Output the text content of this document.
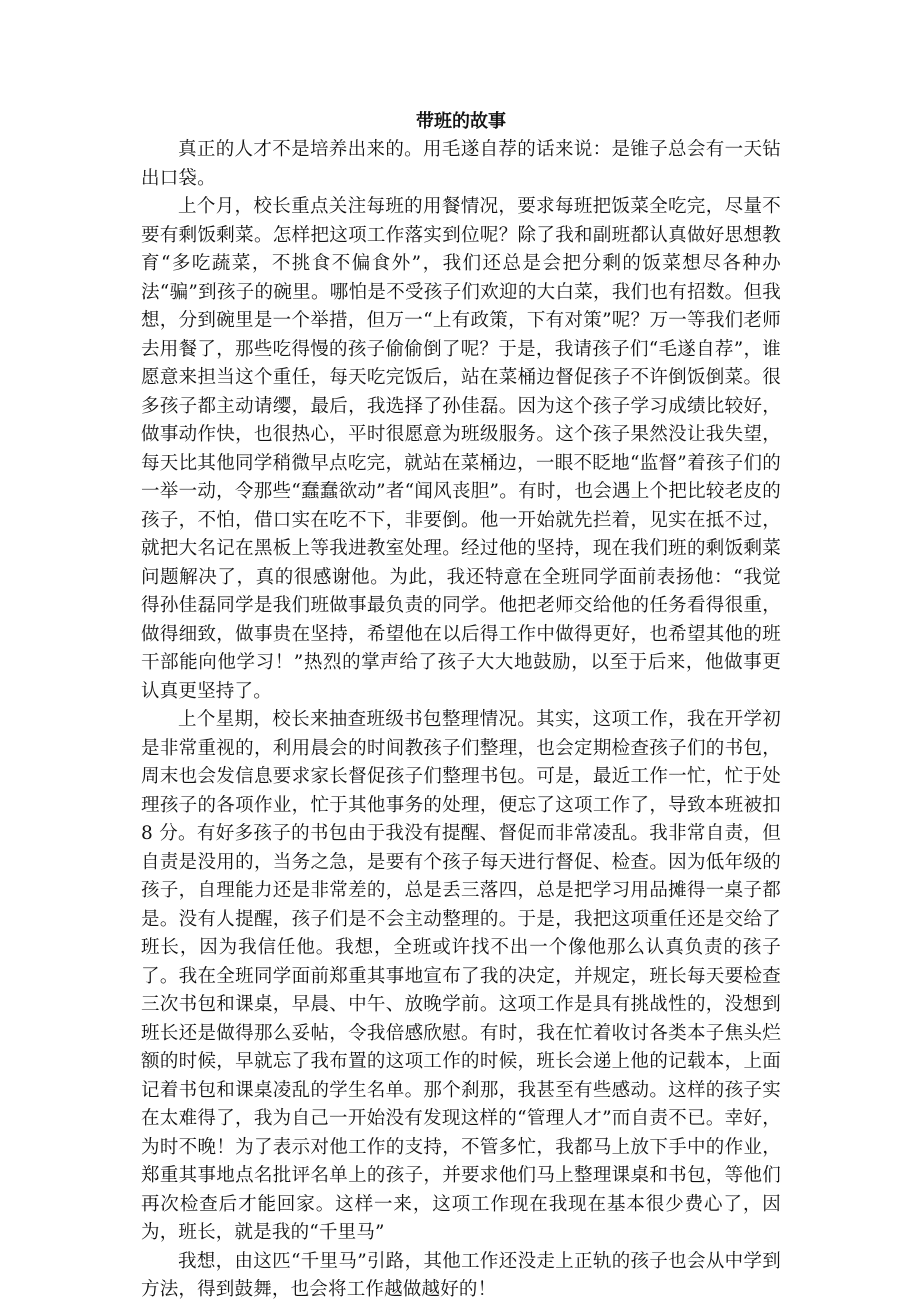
带班的故事

真正的人才不是培养出来的。用毛遂自荐的话来说：是锥子总会有一天钻出口袋。

上个月，校长重点关注每班的用餐情况，要求每班把饭菜全吃完，尽量不要有剩饭剩菜。怎样把这项工作落实到位呢？除了我和副班都认真做好思想教育“多吃蔬菜，不挑食不偏食外”，我们还总是会把分剩的饭菜想尽各种办法“骗”到孩子的碗里。哪怕是不受孩子们欢迎的大白菜，我们也有招数。但我想，分到碗里是一个举措，但万一“上有政策，下有对策”呢？万一等我们老师去用餐了，那些吃得慢的孩子偷偷倒了呢？于是，我请孩子们“毛遂自荐”，谁愿意来担当这个重任，每天吃完饭后，站在菜桶边督促孩子不许倒饭倒菜。很多孩子都主动请缨，最后，我选择了孙佳磊。因为这个孩子学习成绩比较好，做事动作快，也很热心，平时很愿意为班级服务。这个孩子果然没让我失望，每天比其他同学稍微早点吃完，就站在菜桶边，一眼不眨地“监督”着孩子们的一举一动，令那些“蠢蠢欲动”者“闻风丧胆”。有时，也会遇上个把比较老皮的孩子，不怕，借口实在吃不下，非要倒。他一开始就先拦着，见实在抵不过，就把大名记在黑板上等我进教室处理。经过他的坚持，现在我们班的剩饭剩菜问题解决了，真的很感谢他。为此，我还特意在全班同学面前表扬他：“我觉得孙佳磊同学是我们班做事最负责的同学。他把老师交给他的任务看得很重，做得细致，做事贵在坚持，希望他在以后得工作中做得更好，也希望其他的班干部能向他学习！”热烈的掌声给了孩子大大地鼓励，以至于后来，他做事更认真更坚持了。

上个星期，校长来抽查班级书包整理情况。其实，这项工作，我在开学初是非常重视的，利用晨会的时间教孩子们整理，也会定期检查孩子们的书包，周末也会发信息要求家长督促孩子们整理书包。可是，最近工作一忙，忙于处理孩子的各项作业，忙于其他事务的处理，便忘了这项工作了，导致本班被扣 8 分。有好多孩子的书包由于我没有提醒、督促而非常凌乱。我非常自责，但自责是没用的，当务之急，是要有个孩子每天进行督促、检查。因为低年级的孩子，自理能力还是非常差的，总是丢三落四，总是把学习用品摊得一桌子都是。没有人提醒，孩子们是不会主动整理的。于是，我把这项重任还是交给了班长，因为我信任他。我想，全班或许找不出一个像他那么认真负责的孩子了。我在全班同学面前郑重其事地宣布了我的决定，并规定，班长每天要检查三次书包和课桌，早晨、中午、放晚学前。这项工作是具有挑战性的，没想到班长还是做得那么妥帖，令我倍感欣慰。有时，我在忙着收讨各类本子焦头烂额的时候，早就忘了我布置的这项工作的时候，班长会递上他的记载本，上面记着书包和课桌凌乱的学生名单。那个刹那，我甚至有些感动。这样的孩子实在太难得了，我为自己一开始没有发现这样的“管理人才”而自责不已。幸好，为时不晚！为了表示对他工作的支持，不管多忙，我都马上放下手中的作业，郑重其事地点名批评名单上的孩子，并要求他们马上整理课桌和书包，等他们再次检查后才能回家。这样一来，这项工作现在我现在基本很少费心了，因为，班长，就是我的“千里马”

我想，由这匹“千里马”引路，其他工作还没走上正轨的孩子也会从中学到方法，得到鼓舞，也会将工作越做越好的！
